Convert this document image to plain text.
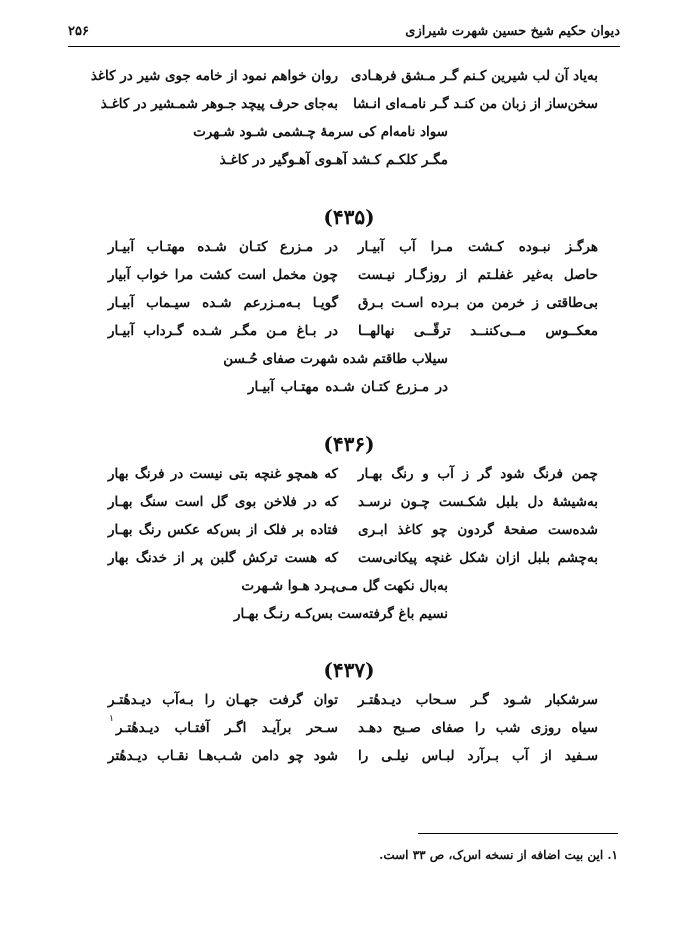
دیوان حکیم شیخ حسین شهرت شیرازی
۲۵۶
به‌یاد آن لب شیرین کـنم گـر مـشق فرهـادی
روان خواهم نمود از خامه جوی شیر در کاغذ
سخن‌ساز از زبان من کنـد گـر نامـه‌ای انـشا
به‌جای حرف پیچد جـوهر شمـشیر در کاغـذ
سواد نامه‌ام کی سرمهٔ چـشمی شـود شـهرت
مگـر کلکـم کـشد آهـوی آهـوگیر در کاغـذ
(۴۳۵)
هرگـز نبـوده کـشت مـرا آب آبیـار
در مـزرع کتـان شـده مهتـاب آبیـار
حاصل به‌غیر غفلـتم از روزگـار نیـست
چون مخمل است کشت مرا خواب آبیار
بی‌طاقتی ز خرمن من بـرده اسـت بـرق
گویـا بـه‌مـزرعم شـده سیـماب آبیـار
معکــوس مــی‌کننــد ترقّــی نهالهــا
در بـاغ مـن مگـر شـده گـرداب آبیـار
سیلاب طاقتم شده شهرت صفای حُـسن
در مـزرع کتـان شـده مهتـاب آبیـار
(۴۳۶)
چمن فرنگ شود گر ز آب و رنگ بهـار
که همچو غنچه بتی نیست در فرنگ بهار
به‌شیشهٔ دل بلبل شکـست چـون نرسـد
که در فلاخن بوی گل است سنگ بهـار
شده‌ست صفحهٔ گردون چو کاغذ ابـری
فتاده بر فلک از بس‌که عکس رنگ بهـار
به‌چشم بلبل ازان شکل غنچه پیکانی‌ست
که هست ترکش گلبن پر از خدنگ بهار
به‌بال نکهت گل مـی‌پـرد هـوا شـهرت
نسیم باغ گرفته‌ست بس‌کـه رنـگ بهـار
(۴۳۷)
سرشکبار شـود گـر سـحاب دیـدهٔتـر
توان گرفت جهـان را بـه‌آب دیـدهٔتـر
سیاه روزی شب را صفای صـبح دهـد
سـحر برآیـد اگـر آفتـاب دیـدهٔتـر
۱
سـفید از آب بـرآرد لبـاس نیلـی را
شود چو دامن شـب‌هـا نقـاب دیـدهٔتر
۱. این بیت اضافه از نسخه اس‌ک، ص ۳۳ است.
